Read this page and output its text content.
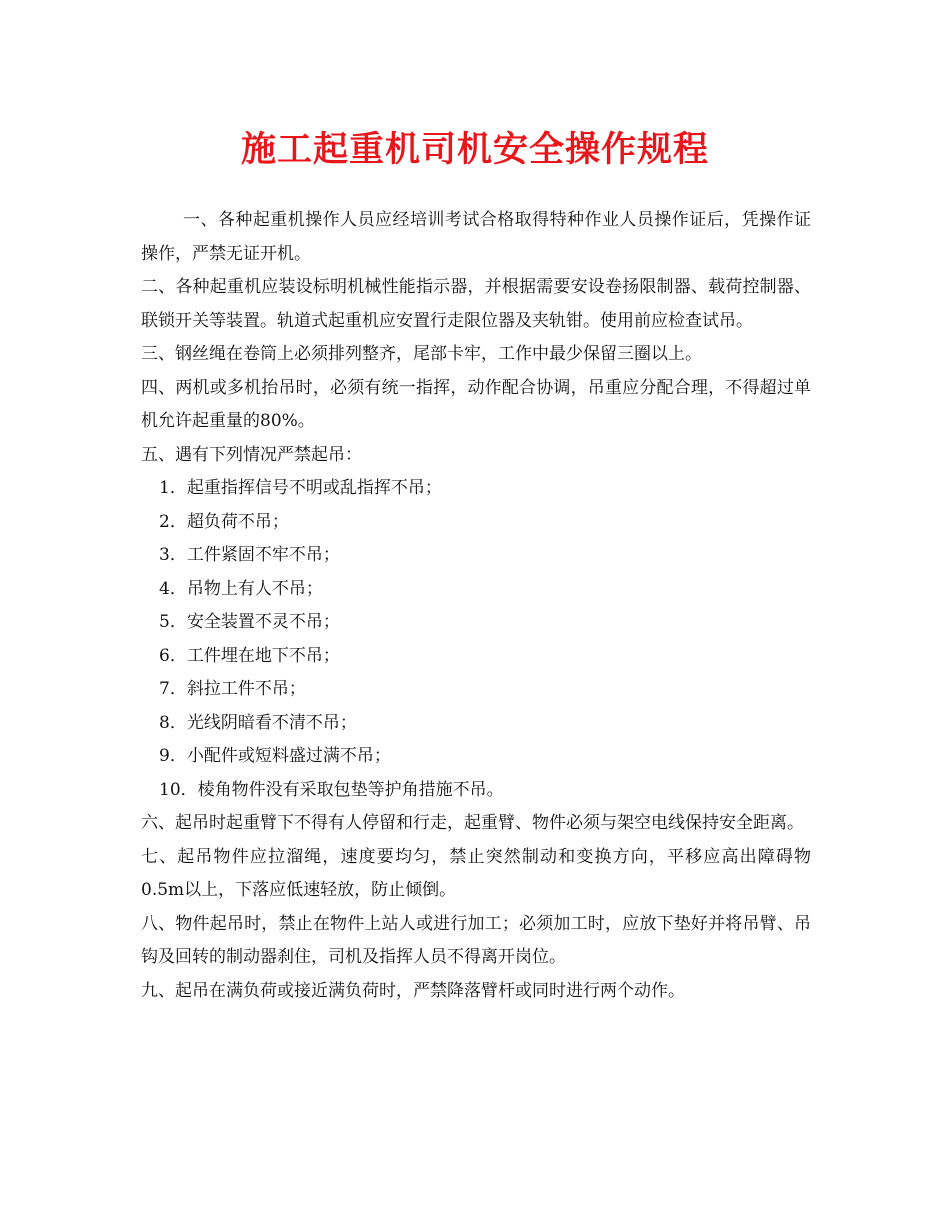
施工起重机司机安全操作规程

一、各种起重机操作人员应经培训考试合格取得特种作业人员操作证后，凭操作证操作，严禁无证开机。

二、各种起重机应装设标明机械性能指示器，并根据需要安设卷扬限制器、载荷控制器、联锁开关等装置。轨道式起重机应安置行走限位器及夹轨钳。使用前应检查试吊。

三、钢丝绳在卷筒上必须排列整齐，尾部卡牢，工作中最少保留三圈以上。

四、两机或多机抬吊时，必须有统一指挥，动作配合协调，吊重应分配合理，不得超过单机允许起重量的80%。

五、遇有下列情况严禁起吊：

1．起重指挥信号不明或乱指挥不吊；

2．超负荷不吊；

3．工件紧固不牢不吊；

4．吊物上有人不吊；

5．安全装置不灵不吊；

6．工件埋在地下不吊；

7．斜拉工件不吊；

8．光线阴暗看不清不吊；

9．小配件或短料盛过满不吊；

10．棱角物件没有采取包垫等护角措施不吊。

六、起吊时起重臂下不得有人停留和行走，起重臂、物件必须与架空电线保持安全距离。

七、起吊物件应拉溜绳，速度要均匀，禁止突然制动和变换方向，平移应高出障碍物0.5m以上，下落应低速轻放，防止倾倒。

八、物件起吊时，禁止在物件上站人或进行加工；必须加工时，应放下垫好并将吊臂、吊钩及回转的制动器刹住，司机及指挥人员不得离开岗位。

九、起吊在满负荷或接近满负荷时，严禁降落臂杆或同时进行两个动作。
